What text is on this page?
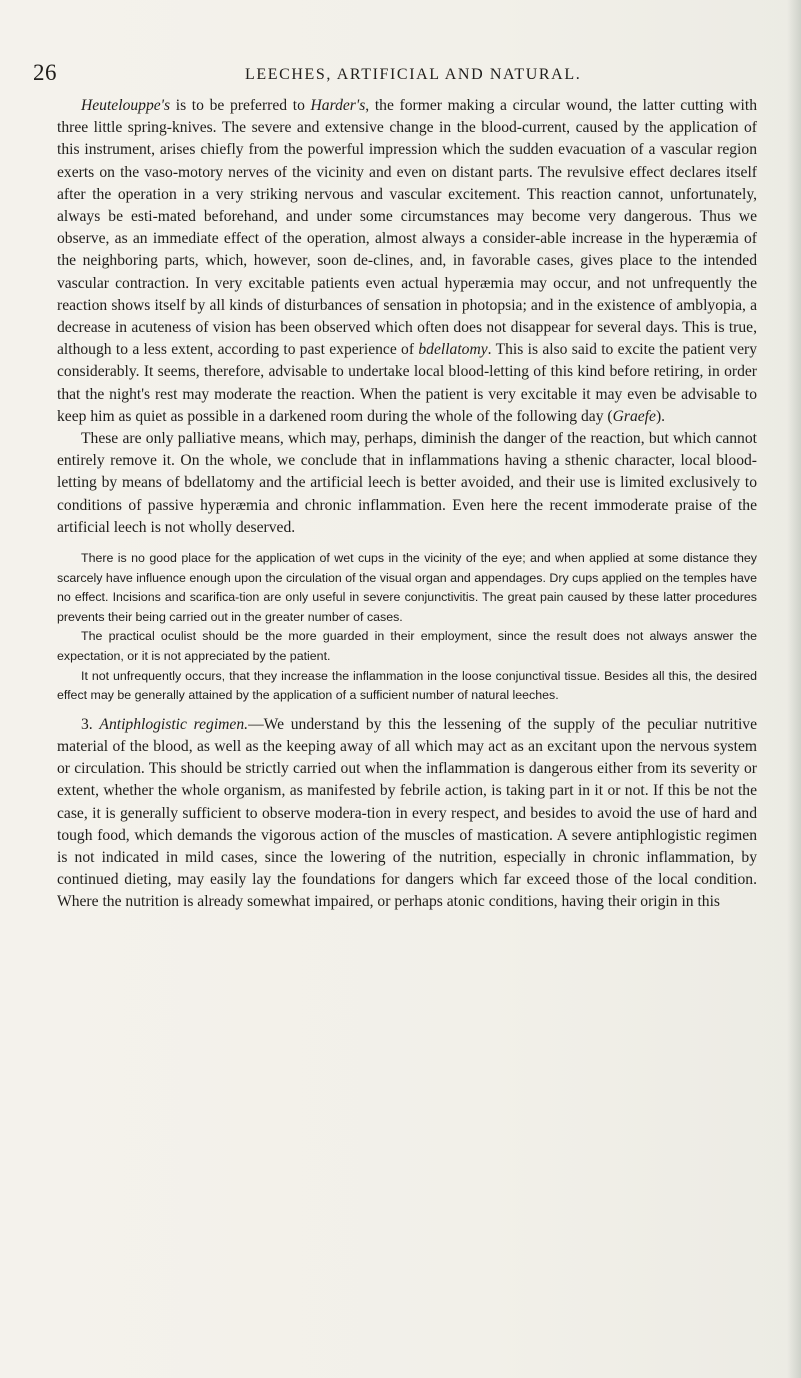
26	LEECHES, ARTIFICIAL AND NATURAL.

Heutelouppe's is to be preferred to Harder's, the former making a circular wound, the latter cutting with three little spring-knives. The severe and extensive change in the blood-current, caused by the application of this instrument, arises chiefly from the powerful impression which the sudden evacuation of a vascular region exerts on the vaso-motory nerves of the vicinity and even on distant parts. The revulsive effect declares itself after the operation in a very striking nervous and vascular excitement. This reaction cannot, unfortunately, always be esti-mated beforehand, and under some circumstances may become very dangerous. Thus we observe, as an immediate effect of the operation, almost always a consider-able increase in the hyperæmia of the neighboring parts, which, however, soon de-clines, and, in favorable cases, gives place to the intended vascular contraction. In very excitable patients even actual hyperæmia may occur, and not unfrequently the reaction shows itself by all kinds of disturbances of sensation in photopsia; and in the existence of amblyopia, a decrease in acuteness of vision has been observed which often does not disappear for several days. This is true, although to a less extent, according to past experience of bdellatomy. This is also said to excite the patient very considerably. It seems, therefore, advisable to undertake local blood-letting of this kind before retiring, in order that the night's rest may moderate the reaction. When the patient is very excitable it may even be advisable to keep him as quiet as possible in a darkened room during the whole of the following day (Graefe).

These are only palliative means, which may, perhaps, diminish the danger of the reaction, but which cannot entirely remove it. On the whole, we conclude that in inflammations having a sthenic character, local blood-letting by means of bdellatomy and the artificial leech is better avoided, and their use is limited exclusively to conditions of passive hyperæmia and chronic inflammation. Even here the recent immoderate praise of the artificial leech is not wholly deserved.

There is no good place for the application of wet cups in the vicinity of the eye; and when applied at some distance they scarcely have influence enough upon the circulation of the visual organ and appendages. Dry cups applied on the temples have no effect. Incisions and scarifica-tion are only useful in severe conjunctivitis. The great pain caused by these latter procedures prevents their being carried out in the greater number of cases.

The practical oculist should be the more guarded in their employment, since the result does not always answer the expectation, or it is not appreciated by the patient.

It not unfrequently occurs, that they increase the inflammation in the loose conjunctival tissue. Besides all this, the desired effect may be generally attained by the application of a sufficient number of natural leeches.

3. Antiphlogistic regimen.—We understand by this the lessening of the supply of the peculiar nutritive material of the blood, as well as the keeping away of all which may act as an excitant upon the nervous system or circulation. This should be strictly carried out when the inflammation is dangerous either from its severity or extent, whether the whole organism, as manifested by febrile action, is taking part in it or not. If this be not the case, it is generally sufficient to observe modera-tion in every respect, and besides to avoid the use of hard and tough food, which demands the vigorous action of the muscles of mastication. A severe antiphlogistic regimen is not indicated in mild cases, since the lowering of the nutrition, especially in chronic inflammation, by continued dieting, may easily lay the foundations for dangers which far exceed those of the local condition. Where the nutrition is already somewhat impaired, or perhaps atonic conditions, having their origin in this
